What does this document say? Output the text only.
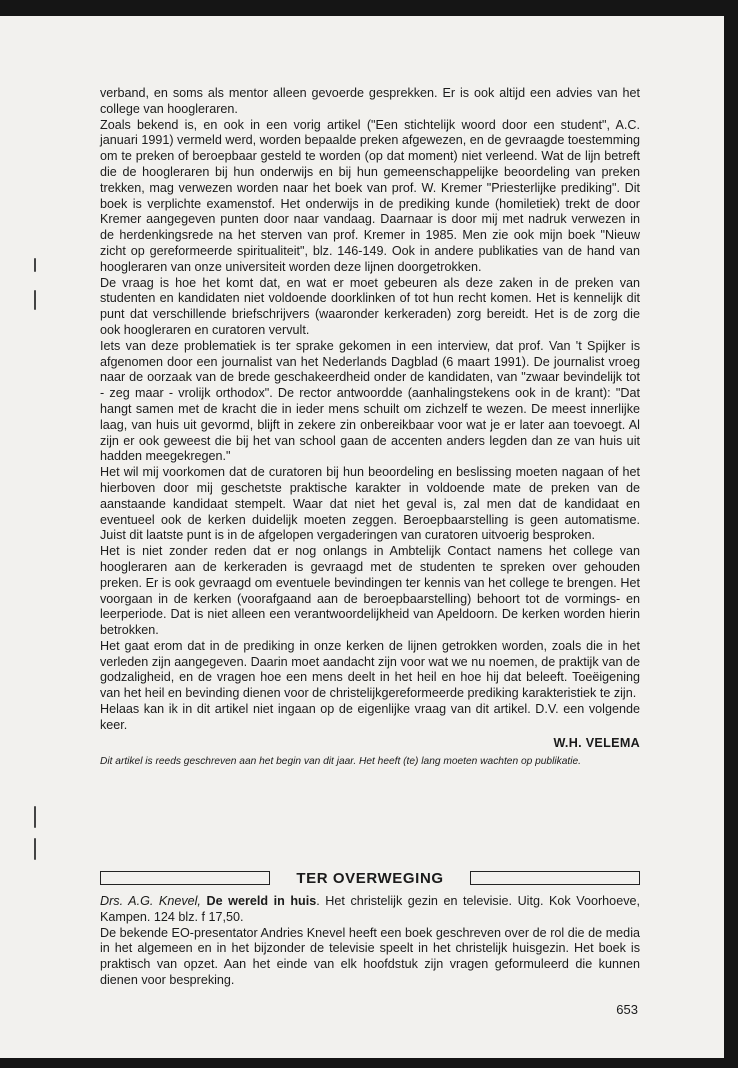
verband, en soms als mentor alleen gevoerde gesprekken. Er is ook altijd een advies van het college van hoogleraren.

Zoals bekend is, en ook in een vorig artikel ("Een stichtelijk woord door een student", A.C. januari 1991) vermeld werd, worden bepaalde preken afgewezen, en de gevraagde toestemming om te preken of beroepbaar gesteld te worden (op dat moment) niet verleend. Wat de lijn betreft die de hoogleraren bij hun onderwijs en bij hun gemeenschappelijke beoordeling van preken trekken, mag verwezen worden naar het boek van prof. W. Kremer "Priesterlijke prediking". Dit boek is verplichte examenstof. Het onderwijs in de prediking kunde (homiletiek) trekt de door Kremer aangegeven punten door naar vandaag. Daarnaar is door mij met nadruk verwezen in de herdenkingsrede na het sterven van prof. Kremer in 1985. Men zie ook mijn boek "Nieuw zicht op gereformeerde spiritualiteit", blz. 146-149. Ook in andere publikaties van de hand van hoogleraren van onze universiteit worden deze lijnen doorgetrokken.

De vraag is hoe het komt dat, en wat er moet gebeuren als deze zaken in de preken van studenten en kandidaten niet voldoende doorklinken of tot hun recht komen. Het is kennelijk dit punt dat verschillende briefschrijvers (waaronder kerkeraden) zorg bereidt. Het is de zorg die ook hoogleraren en curatoren vervult.

Iets van deze problematiek is ter sprake gekomen in een interview, dat prof. Van 't Spijker is afgenomen door een journalist van het Nederlands Dagblad (6 maart 1991). De journalist vroeg naar de oorzaak van de brede geschakeerdheid onder de kandidaten, van "zwaar bevindelijk tot - zeg maar - vrolijk orthodox". De rector antwoordde (aanhalingstekens ook in de krant): "Dat hangt samen met de kracht die in ieder mens schuilt om zichzelf te wezen. De meest innerlijke laag, van huis uit gevormd, blijft in zekere zin onbereikbaar voor wat je er later aan toevoegt. Al zijn er ook geweest die bij het van school gaan de accenten anders legden dan ze van huis uit hadden meegekregen."

Het wil mij voorkomen dat de curatoren bij hun beoordeling en beslissing moeten nagaan of het hierboven door mij geschetste praktische karakter in voldoende mate de preken van de aanstaande kandidaat stempelt. Waar dat niet het geval is, zal men dat de kandidaat en eventueel ook de kerken duidelijk moeten zeggen. Beroepbaarstelling is geen automatisme. Juist dit laatste punt is in de afgelopen vergaderingen van curatoren uitvoerig besproken.

Het is niet zonder reden dat er nog onlangs in Ambtelijk Contact namens het college van hoogleraren aan de kerkeraden is gevraagd met de studenten te spreken over gehouden preken. Er is ook gevraagd om eventuele bevindingen ter kennis van het college te brengen. Het voorgaan in de kerken (voorafgaand aan de beroepbaarstelling) behoort tot de vormings- en leerperiode. Dat is niet alleen een verantwoordelijkheid van Apeldoorn. De kerken worden hierin betrokken.

Het gaat erom dat in de prediking in onze kerken de lijnen getrokken worden, zoals die in het verleden zijn aangegeven. Daarin moet aandacht zijn voor wat we nu noemen, de praktijk van de godzaligheid, en de vragen hoe een mens deelt in het heil en hoe hij dat beleeft. Toeëigening van het heil en bevinding dienen voor de christelijkgereformeerde prediking karakteristiek te zijn.

Helaas kan ik in dit artikel niet ingaan op de eigenlijke vraag van dit artikel. D.V. een volgende keer.

W.H. VELEMA
Dit artikel is reeds geschreven aan het begin van dit jaar. Het heeft (te) lang moeten wachten op publikatie.
TER OVERWEGING

Drs. A.G. Knevel, De wereld in huis. Het christelijk gezin en televisie. Uitg. Kok Voorhoeve, Kampen. 124 blz. f 17,50.

De bekende EO-presentator Andries Knevel heeft een boek geschreven over de rol die de media in het algemeen en in het bijzonder de televisie speelt in het christelijk huisgezin. Het boek is praktisch van opzet. Aan het einde van elk hoofdstuk zijn vragen geformuleerd die kunnen dienen voor bespreking.

653
